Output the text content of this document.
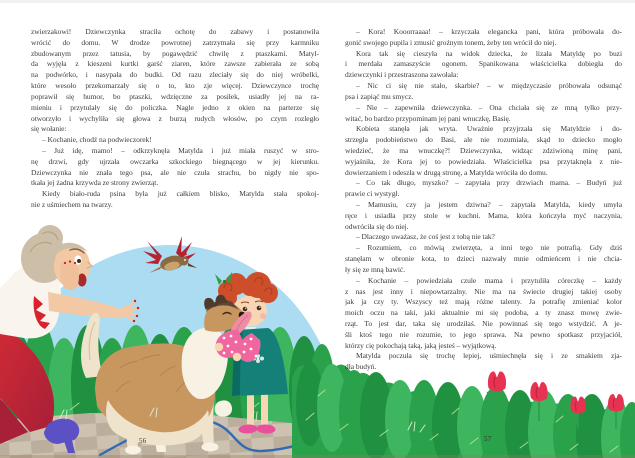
zwierzakowi! Dziewczynka straciła ochotę do zabawy i postanowiła
wrócić do domu. W drodze powrotnej zatrzymała się przy karmniku
zbudowanym przez tatusia, by pogawędzić chwilę z ptaszkami. Matyl-
da wyjęła z kieszeni kurtki garść ziaren, które zawsze zabierała ze sobą
na podwórko, i nasypała do budki. Od razu zleciały się do niej wróbelki,
które wesoło przekomarzały się o to, kto zje więcej. Dziewczynce trochę
poprawił się humor, bo ptaszki, wdzięczne za posiłek, usiadły jej na ra-
mieniu i przytulały się do policzka. Nagle jedno z okien na parterze się
otworzyło i wychyliła się głowa z burzą rudych włosów, po czym rozległo
się wołanie:
– Kochanie, chodź na podwieczorek!
– Już idę, mamo! – odkrzyknęła Matylda i już miała ruszyć w stro-
nę drzwi, gdy ujrzała owczarka szkockiego biegnącego w jej kierunku.
Dziewczynka nie znała tego psa, ale nie czuła strachu, bo nigdy nie spo-
tkała jej żadna krzywda ze strony zwierząt.
Kiedy biało-ruda psina była już całkiem blisko, Matylda stała spokoj-
nie z uśmiechem na twarzy.
– Kora! Kooorraaaa! – krzyczała elegancka pani, która próbowała do-
gonić swojego pupila i zmusić groźnym tonem, żeby ten wrócił do niej.
Kora tak się cieszyła na widok dziecka, że lizała Matyldę po buzi
i merdała zamaszyście ogonem. Spanikowana właścicielka dobiegła do
dziewczynki i przestraszona zawołała:
– Nic ci się nie stało, skarbie? – w międzyczasie próbowała odsunąć
psa i zapiąć mu smycz.
– Nie – zapewniła dziewczynka. – Ona chciała się ze mną tylko przy-
witać, bo bardzo przypominam jej pani wnuczkę, Basię.
Kobieta stanęła jak wryta. Uważnie przyjrzała się Matyldzie i do-
strzegła podobieństwo do Basi, ale nie rozumiała, skąd to dziecko mogło
wiedzieć, że ma wnuczkę?! Dziewczynka, widząc zdziwioną minę pani,
wyjaśniła, że Kora jej to powiedziała. Właścicielka psa przytaknęła z nie-
dowierzaniem i odeszła w drugą stronę, a Matylda wróciła do domu.
– Co tak długo, myszko? – zapytała przy drzwiach mama. – Budyń już
prawie ci wystygł.
– Mamusiu, czy ja jestem dziwna? – zapytała Matylda, kiedy umyła
ręce i usiadła przy stole w kuchni. Mama, która kończyła myć naczynia,
odwróciła się do niej.
– Dlaczego uważasz, że coś jest z tobą nie tak?
– Rozumiem, co mówią zwierzęta, a inni tego nie potrafią. Gdy dziś
stanęłam w obronie kota, to dzieci nazwały mnie odmieńcem i nie chcia-
ły się ze mną bawić.
– Kochanie – powiedziała czule mama i przytuliła córeczkę – każdy
z nas jest inny i niepowtarzalny. Nie ma na świecie drugiej takiej osoby
jak ja czy ty. Wszyscy też mają różne talenty. Ja potrafię zmieniać kolor
moich oczu na taki, jaki aktualnie mi się podoba, a ty znasz mowę zwie-
rząt. To jest dar, taka się urodziłaś. Nie powinnaś się tego wstydzić. A je-
śli ktoś tego nie rozumie, to jego sprawa. Na pewno spotkasz przyjaciół,
którzy cię pokochają taką, jaką jesteś – wyjątkową.
Matylda poczuła się trochę lepiej, uśmiechnęła się i ze smakiem zja-
dła budyń.
56	57
